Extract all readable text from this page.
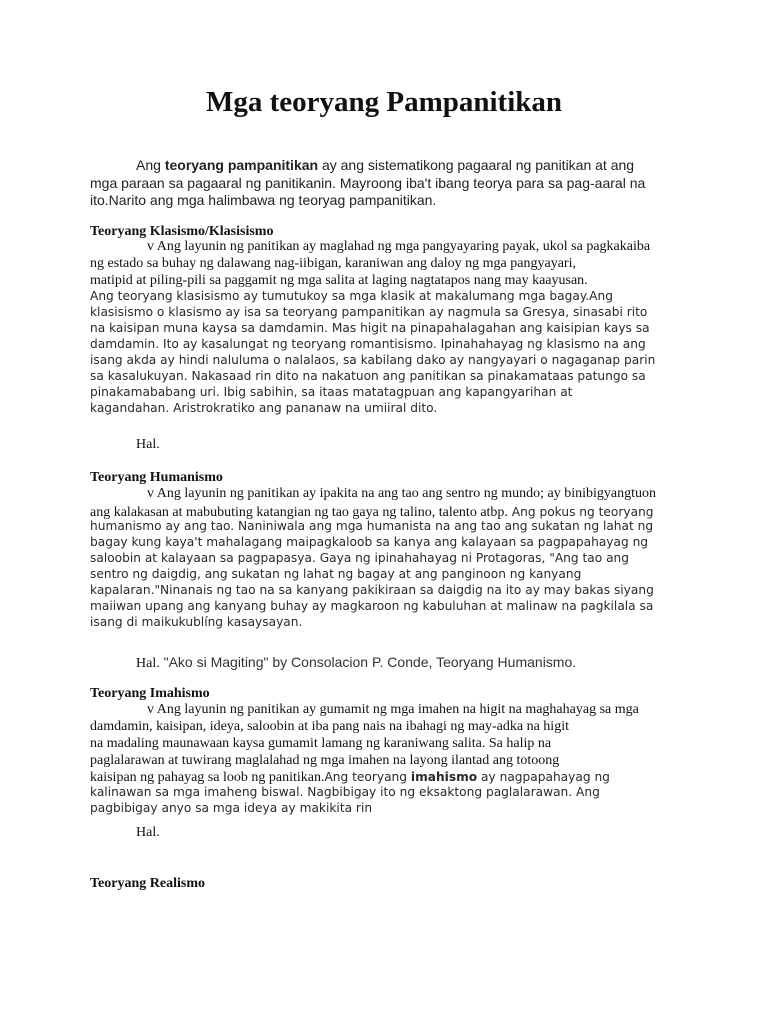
Mga teoryang Pampanitikan
Ang teoryang pampanitikan ay ang sistematikong pagaaral ng panitikan at ang
mga paraan sa pagaaral ng panitikanin. Mayroong iba't ibang teorya para sa pag-aaral na
ito.Narito ang mga halimbawa ng teoryag pampanitikan.
Teoryang Klasismo/Klasisismo
v Ang layunin ng panitikan ay maglahad ng mga pangyayaring payak, ukol sa pagkakaiba
ng estado sa buhay ng dalawang nag-iibigan, karaniwan ang daloy ng mga pangyayari,
matipid at piling-pili sa paggamit ng mga salita at laging nagtatapos nang may kaayusan.
Ang teoryang klasisismo ay tumutukoy sa mga klasik at makalumang mga bagay.Ang
klasisismo o klasismo ay isa sa teoryang pampanitikan ay nagmula sa Gresya, sinasabi rito
na kaisipan muna kaysa sa damdamin. Mas higit na pinapahalagahan ang kaisipian kays sa
damdamin. Ito ay kasalungat ng teoryang romantisismo. Ipinahahayag ng klasismo na ang
isang akda ay hindi naluluma o nalalaos, sa kabilang dako ay nangyayari o nagaganap parin
sa kasalukuyan. Nakasaad rin dito na nakatuon ang panitikan sa pinakamataas patungo sa
pinakamababang uri. Ibig sabihin, sa itaas matatagpuan ang kapangyarihan at
kagandahan. Aristrokratiko ang pananaw na umiiral dito.
Hal.
Teoryang Humanismo
v Ang layunin ng panitikan ay ipakita na ang tao ang sentro ng mundo; ay binibigyangtuon
ang kalakasan at mabubuting katangian ng tao gaya ng talino, talento atbp. Ang pokus ng teoryang
humanismo ay ang tao. Naniniwala ang mga humanista na ang tao ang sukatan ng lahat ng
bagay kung kaya't mahalagang maipagkaloob sa kanya ang kalayaan sa pagpapahayag ng
saloobin at kalayaan sa pagpapasya. Gaya ng ipinahahayag ni Protagoras, "Ang tao ang
sentro ng daigdig, ang sukatan ng lahat ng bagay at ang panginoon ng kanyang
kapalaran."Ninanais ng tao na sa kanyang pakikiraan sa daigdig na ito ay may bakas siyang
maiiwan upang ang kanyang buhay ay magkaroon ng kabuluhan at malinaw na pagkilala sa
isang di maikukublíng kasaysayan.
Hal. "Ako si Magiting" by Consolacion P. Conde, Teoryang Humanismo.
Teoryang Imahismo
v Ang layunin ng panitikan ay gumamit ng mga imahen na higit na maghahayag sa mga
damdamin, kaisipan, ideya, saloobin at iba pang nais na ibahagi ng may-adka na higit
na madaling maunawaan kaysa gumamit lamang ng karaniwang salita. Sa halip na
paglalarawan at tuwirang maglalahad ng mga imahen na layong ilantad ang totoong
kaisipan ng pahayag sa loob ng panitikan.Ang teoryang imahismo ay nagpapahayag ng
kalinawan sa mga imaheng biswal. Nagbibigay ito ng eksaktong paglalarawan. Ang
pagbibigay anyo sa mga ideya ay makikita rin
Hal.
Teoryang Realismo
